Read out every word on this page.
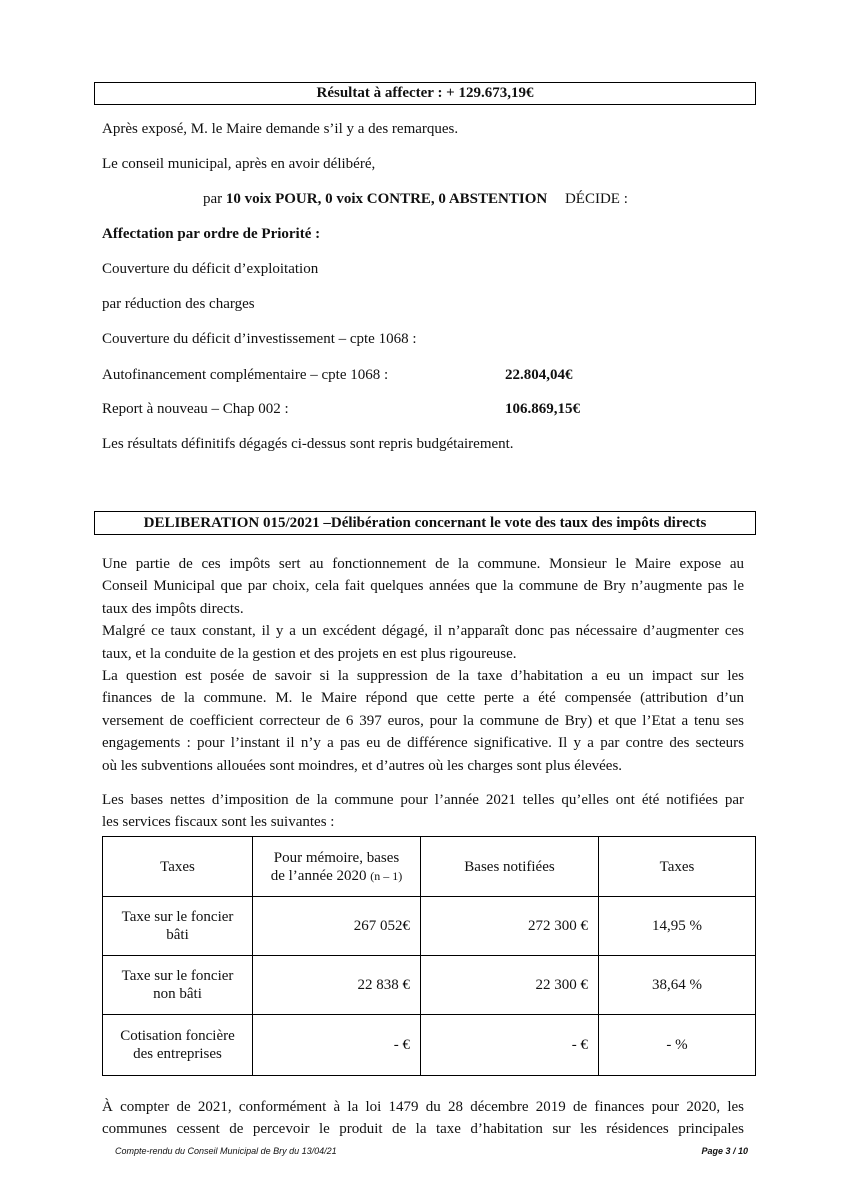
Résultat à affecter : + 129.673,19€
Après exposé, M. le Maire demande s’il y a des remarques.
Le conseil municipal, après en avoir délibéré,
par 10 voix POUR, 0 voix CONTRE, 0 ABSTENTION DÉCIDE :
Affectation par ordre de Priorité :
Couverture du déficit d’exploitation
par réduction des charges
Couverture du déficit d’investissement – cpte 1068 :
Autofinancement complémentaire – cpte 1068 :	22.804,04€
Report à nouveau – Chap 002 :	106.869,15€
Les résultats définitifs dégagés ci-dessus sont repris budgétairement.
DELIBERATION 015/2021 –Délibération concernant le vote des taux des impôts directs
Une partie de ces impôts sert au fonctionnement de la commune. Monsieur le Maire expose au
Conseil Municipal que par choix, cela fait quelques années que la commune de Bry n’augmente pas le
taux des impôts directs.
Malgré ce taux constant, il y a un excédent dégagé, il n’apparaît donc pas nécessaire d’augmenter ces
taux, et la conduite de la gestion et des projets en est plus rigoureuse.
La question est posée de savoir si la suppression de la taxe d’habitation a eu un impact sur les
finances de la commune. M. le Maire répond que cette perte a été compensée (attribution d’un
versement de coefficient correcteur de 6 397 euros, pour la commune de Bry) et que l’Etat a tenu ses
engagements : pour l’instant il n’y a pas eu de différence significative. Il y a par contre des secteurs
où les subventions allouées sont moindres, et d’autres où les charges sont plus élevées.
Les bases nettes d’imposition de la commune pour l’année 2021 telles qu’elles ont été notifiées par
les services fiscaux sont les suivantes :
Taxes	Pour mémoire, bases
de l’année 2020 (n – 1)	Bases notifiées	Taxes
Taxe sur le foncier
bâti	267 052€	272 300 €	14,95 %
Taxe sur le foncier
non bâti	22 838 €	22 300 €	38,64 %
Cotisation foncière
des entreprises	- €	- €	- %
À compter de 2021, conformément à la loi 1479 du 28 décembre 2019 de finances pour 2020, les
communes cessent de percevoir le produit de la taxe d’habitation sur les résidences principales
Compte-rendu du Conseil Municipal de Bry du 13/04/21	Page 3 / 10
